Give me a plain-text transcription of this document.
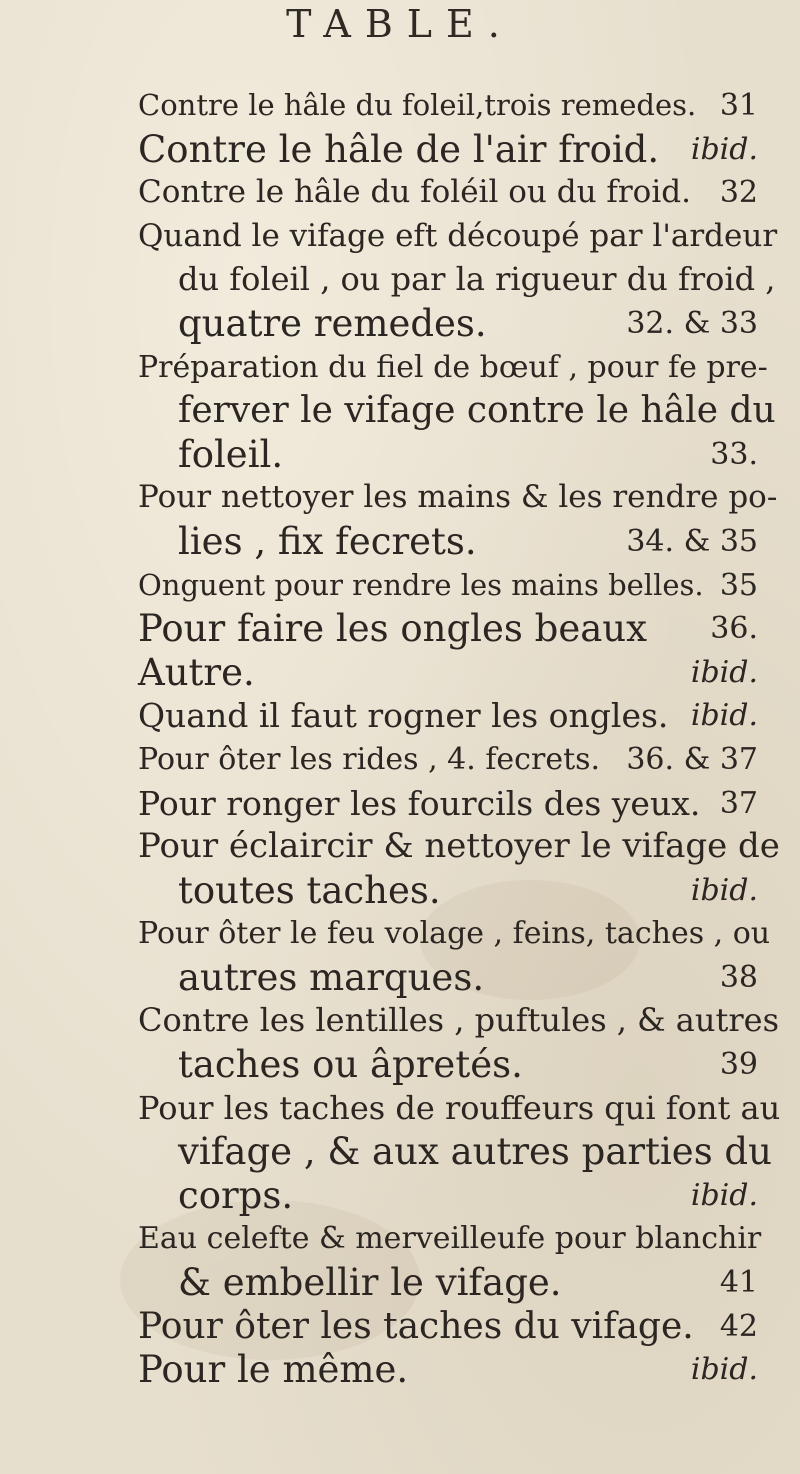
TABLE.
Contre le hâle du foleil,trois remedes. 31
Contre le hâle de l'air froid. ibid.
Contre le hâle du foléil ou du froid. 32
Quand le vifage eft découpé par l'ardeur
du foleil , ou par la rigueur du froid ,
quatre remedes.	32. & 33
Préparation du fiel de bœuf , pour fe pre-
ferver le vifage contre le hâle du
foleil.	33.
Pour nettoyer les mains & les rendre po-
lies , fix fecrets.	34. & 35
Onguent pour rendre les mains belles. 35
Pour faire les ongles beaux 36.
Autre.	ibid.
Quand il faut rogner les ongles. ibid.
Pour ôter les rides , 4. fecrets. 36. & 37
Pour ronger les fourcils des yeux. 37
Pour éclaircir & nettoyer le vifage de
toutes taches.	ibid.
Pour ôter le feu volage , feins, taches , ou
autres marques.	38
Contre les lentilles , puftules , & autres
taches ou âpretés.	39
Pour les taches de rouffeurs qui font au
vifage , & aux autres parties du
corps.	ibid.
Eau celefte & merveilleufe pour blanchir
& embellir le vifage.	41
Pour ôter les taches du vifage. 42
Pour le même.	ibid.
